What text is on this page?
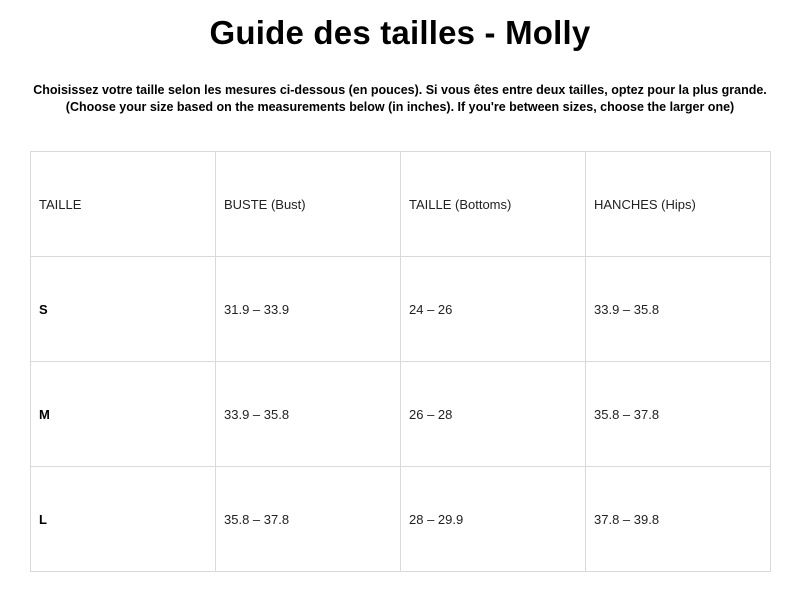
Guide des tailles - Molly
Choisissez votre taille selon les mesures ci-dessous (en pouces). Si vous êtes entre deux tailles, optez pour la plus grande.
(Choose your size based on the measurements below (in inches). If you're between sizes, choose the larger one)
TAILLE	BUSTE (Bust)	TAILLE (Bottoms)	HANCHES (Hips)
S	31.9 – 33.9	24 – 26	33.9 – 35.8
M	33.9 – 35.8	26 – 28	35.8 – 37.8
L	35.8 – 37.8	28 – 29.9	37.8 – 39.8
